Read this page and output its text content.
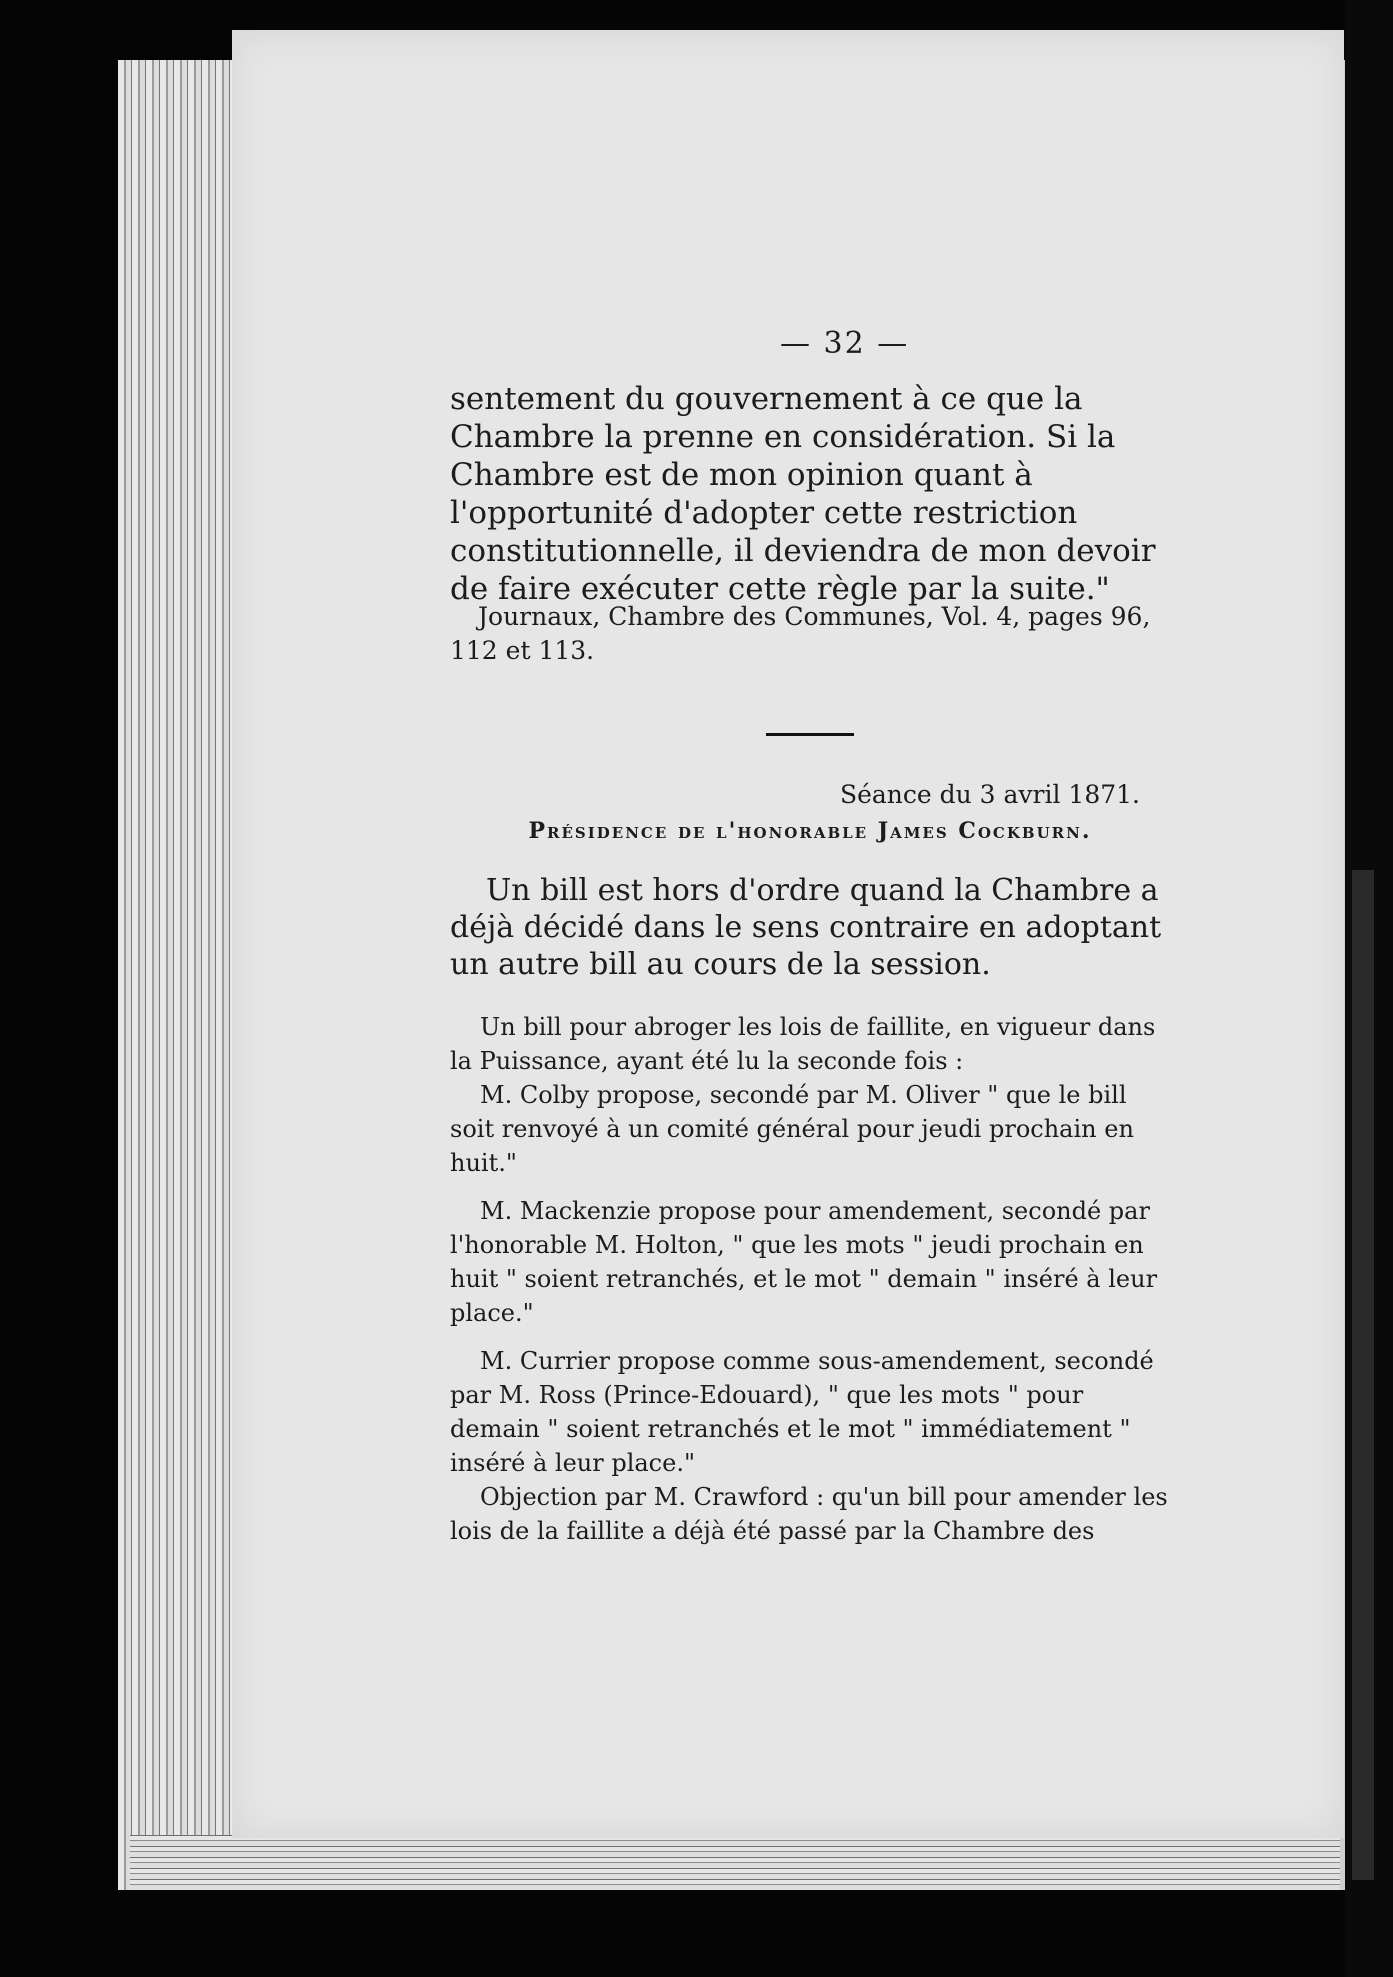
— 32 —

sentement du gouvernement à ce que la Chambre la prenne en considération. Si la Chambre est de mon opinion quant à l'opportunité d'adopter cette restriction constitutionnelle, il deviendra de mon devoir de faire exécuter cette règle par la suite."

Journaux, Chambre des Communes, Vol. 4, pages 96, 112 et 113.
Séance du 3 avril 1871.
Présidence de l'honorable James Cockburn.

Un bill est hors d'ordre quand la Chambre a déjà décidé dans le sens contraire en adoptant un autre bill au cours de la session.

Un bill pour abroger les lois de faillite, en vigueur dans la Puissance, ayant été lu la seconde fois :

M. Colby propose, secondé par M. Oliver " que le bill soit renvoyé à un comité général pour jeudi prochain en huit."

M. Mackenzie propose pour amendement, secondé par l'honorable M. Holton, " que les mots " jeudi prochain en huit " soient retranchés, et le mot " demain " inséré à leur place."

M. Currier propose comme sous-amendement, secondé par M. Ross (Prince-Edouard), " que les mots " pour demain " soient retranchés et le mot " immédiatement " inséré à leur place."

Objection par M. Crawford : qu'un bill pour amender les lois de la faillite a déjà été passé par la Chambre des
